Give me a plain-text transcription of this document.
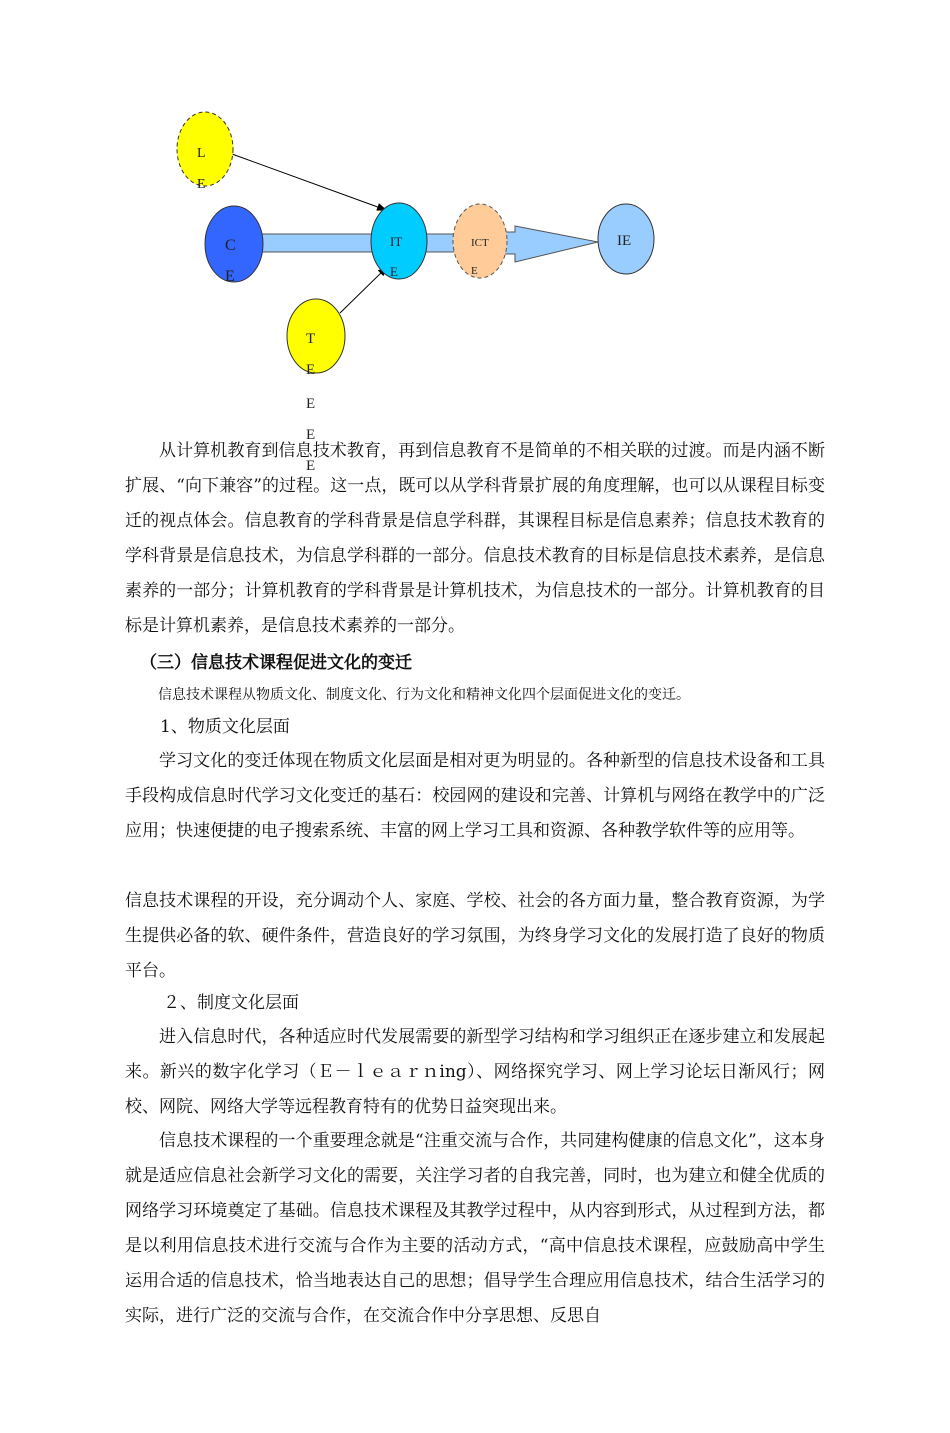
L E
C E
IT E
ICT E
IE
T E E E E

从计算机教育到信息技术教育，再到信息教育不是简单的不相关联的过渡。而是内涵不断扩展、“向下兼容”的过程。这一点，既可以从学科背景扩展的角度理解，也可以从课程目标变迁的视点体会。信息教育的学科背景是信息学科群，其课程目标是信息素养；信息技术教育的学科背景是信息技术，为信息学科群的一部分。信息技术教育的目标是信息技术素养，是信息素养的一部分；计算机教育的学科背景是计算机技术，为信息技术的一部分。计算机教育的目标是计算机素养，是信息技术素养的一部分。

（三）信息技术课程促进文化的变迁

信息技术课程从物质文化、制度文化、行为文化和精神文化四个层面促进文化的变迁。

1、物质文化层面

学习文化的变迁体现在物质文化层面是相对更为明显的。各种新型的信息技术设备和工具手段构成信息时代学习文化变迁的基石：校园网的建设和完善、计算机与网络在教学中的广泛应用；快速便捷的电子搜索系统、丰富的网上学习工具和资源、各种教学软件等的应用等。

信息技术课程的开设，充分调动个人、家庭、学校、社会的各方面力量，整合教育资源，为学生提供必备的软、硬件条件，营造良好的学习氛围，为终身学习文化的发展打造了良好的物质平台。

２、制度文化层面

进入信息时代，各种适应时代发展需要的新型学习结构和学习组织正在逐步建立和发展起来。新兴的数字化学习（Ｅ－ｌｅａｒｎing）、网络探究学习、网上学习论坛日渐风行；网校、网院、网络大学等远程教育特有的优势日益突现出来。

信息技术课程的一个重要理念就是“注重交流与合作，共同建构健康的信息文化”，这本身就是适应信息社会新学习文化的需要，关注学习者的自我完善，同时，也为建立和健全优质的网络学习环境奠定了基础。信息技术课程及其教学过程中，从内容到形式，从过程到方法，都是以利用信息技术进行交流与合作为主要的活动方式，“高中信息技术课程，应鼓励高中学生运用合适的信息技术，恰当地表达自己的思想；倡导学生合理应用信息技术，结合生活学习的实际，进行广泛的交流与合作，在交流合作中分享思想、反思自
